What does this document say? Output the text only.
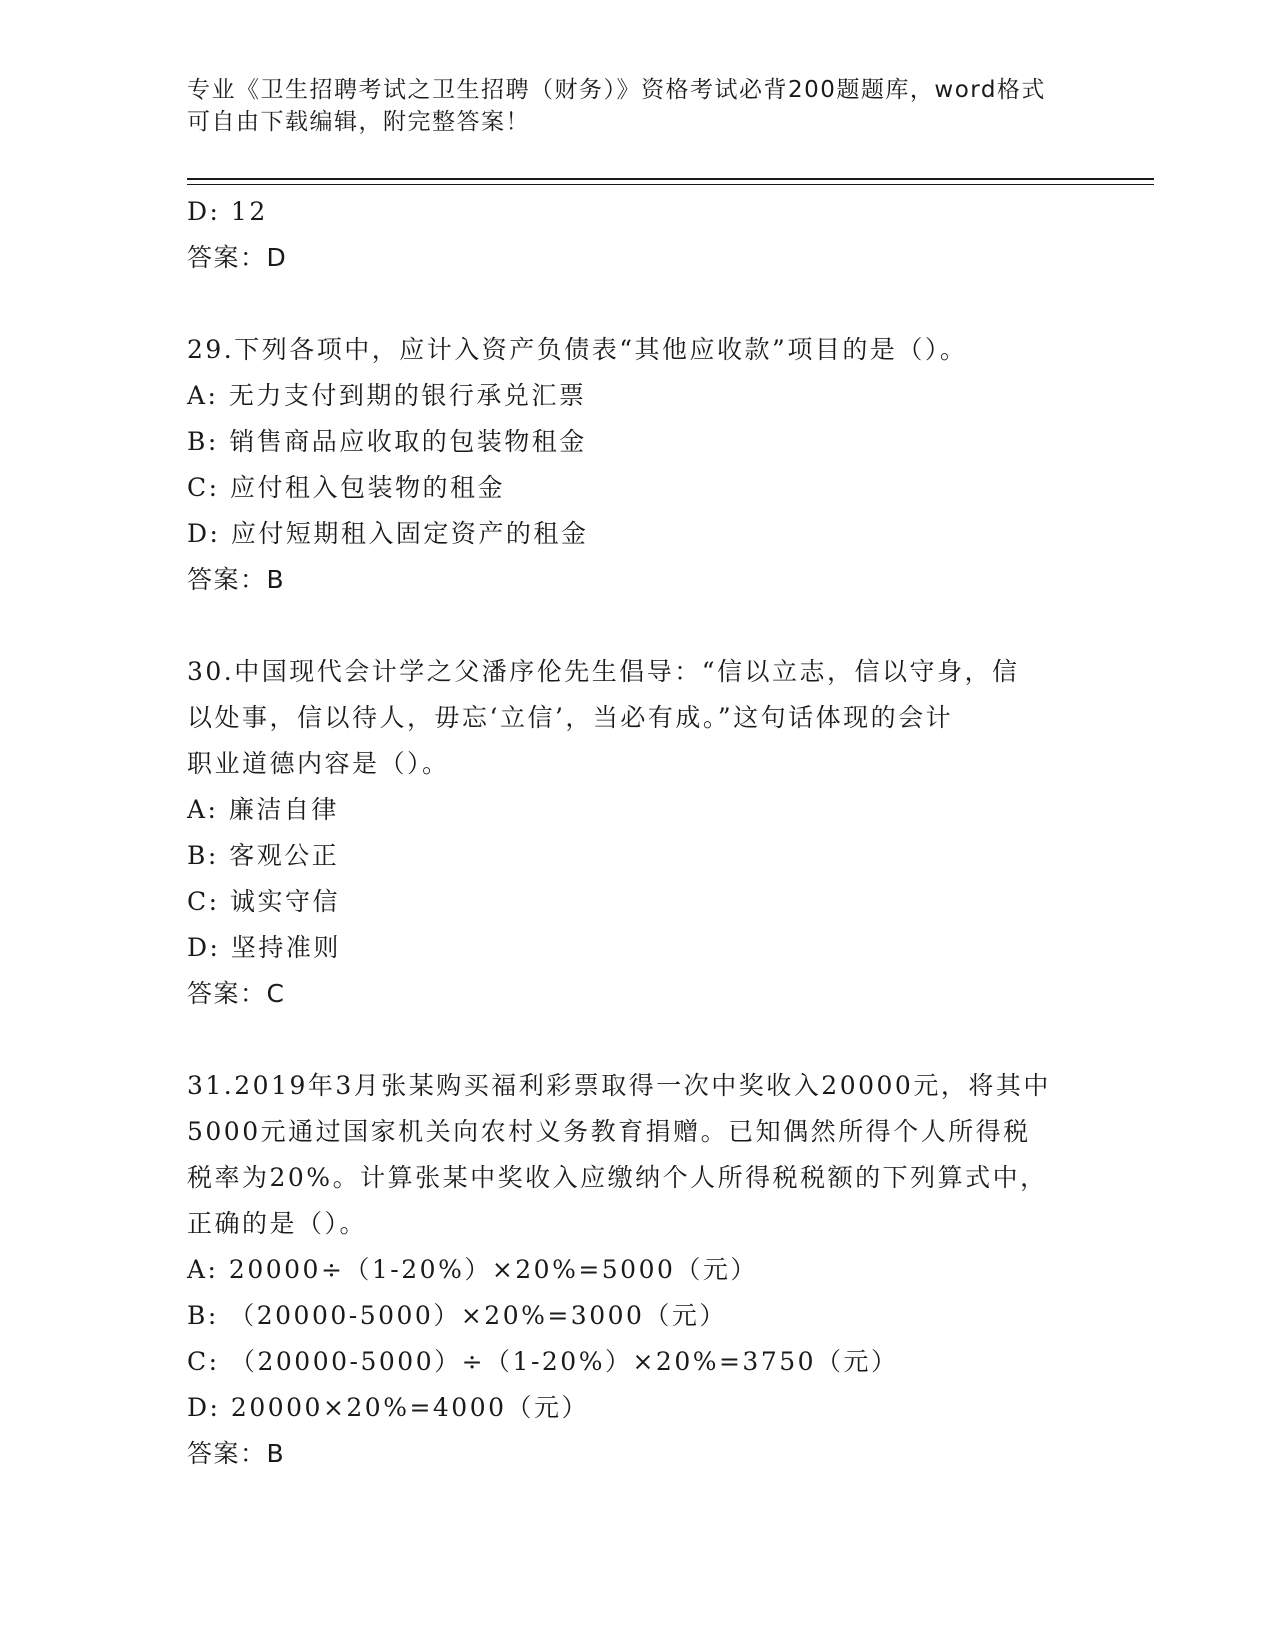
专业《卫生招聘考试之卫生招聘（财务）》资格考试必背200题题库，word格式
可自由下载编辑，附完整答案！
D: 12
答案：D
29.下列各项中，应计入资产负债表“其他应收款”项目的是（）。
A: 无力支付到期的银行承兑汇票
B: 销售商品应收取的包装物租金
C: 应付租入包装物的租金
D: 应付短期租入固定资产的租金
答案：B
30.中国现代会计学之父潘序伦先生倡导：“信以立志，信以守身，信
以处事，信以待人，毋忘‘立信’，当必有成。”这句话体现的会计
职业道德内容是（）。
A: 廉洁自律
B: 客观公正
C: 诚实守信
D: 坚持准则
答案：C
31.2019年3月张某购买福利彩票取得一次中奖收入20000元，将其中
5000元通过国家机关向农村义务教育捐赠。已知偶然所得个人所得税
税率为20%。计算张某中奖收入应缴纳个人所得税税额的下列算式中，
正确的是（）。
A: 20000÷（1-20%）×20%=5000（元）
B: （20000-5000）×20%=3000（元）
C: （20000-5000）÷（1-20%）×20%=3750（元）
D: 20000×20%=4000（元）
答案：B
